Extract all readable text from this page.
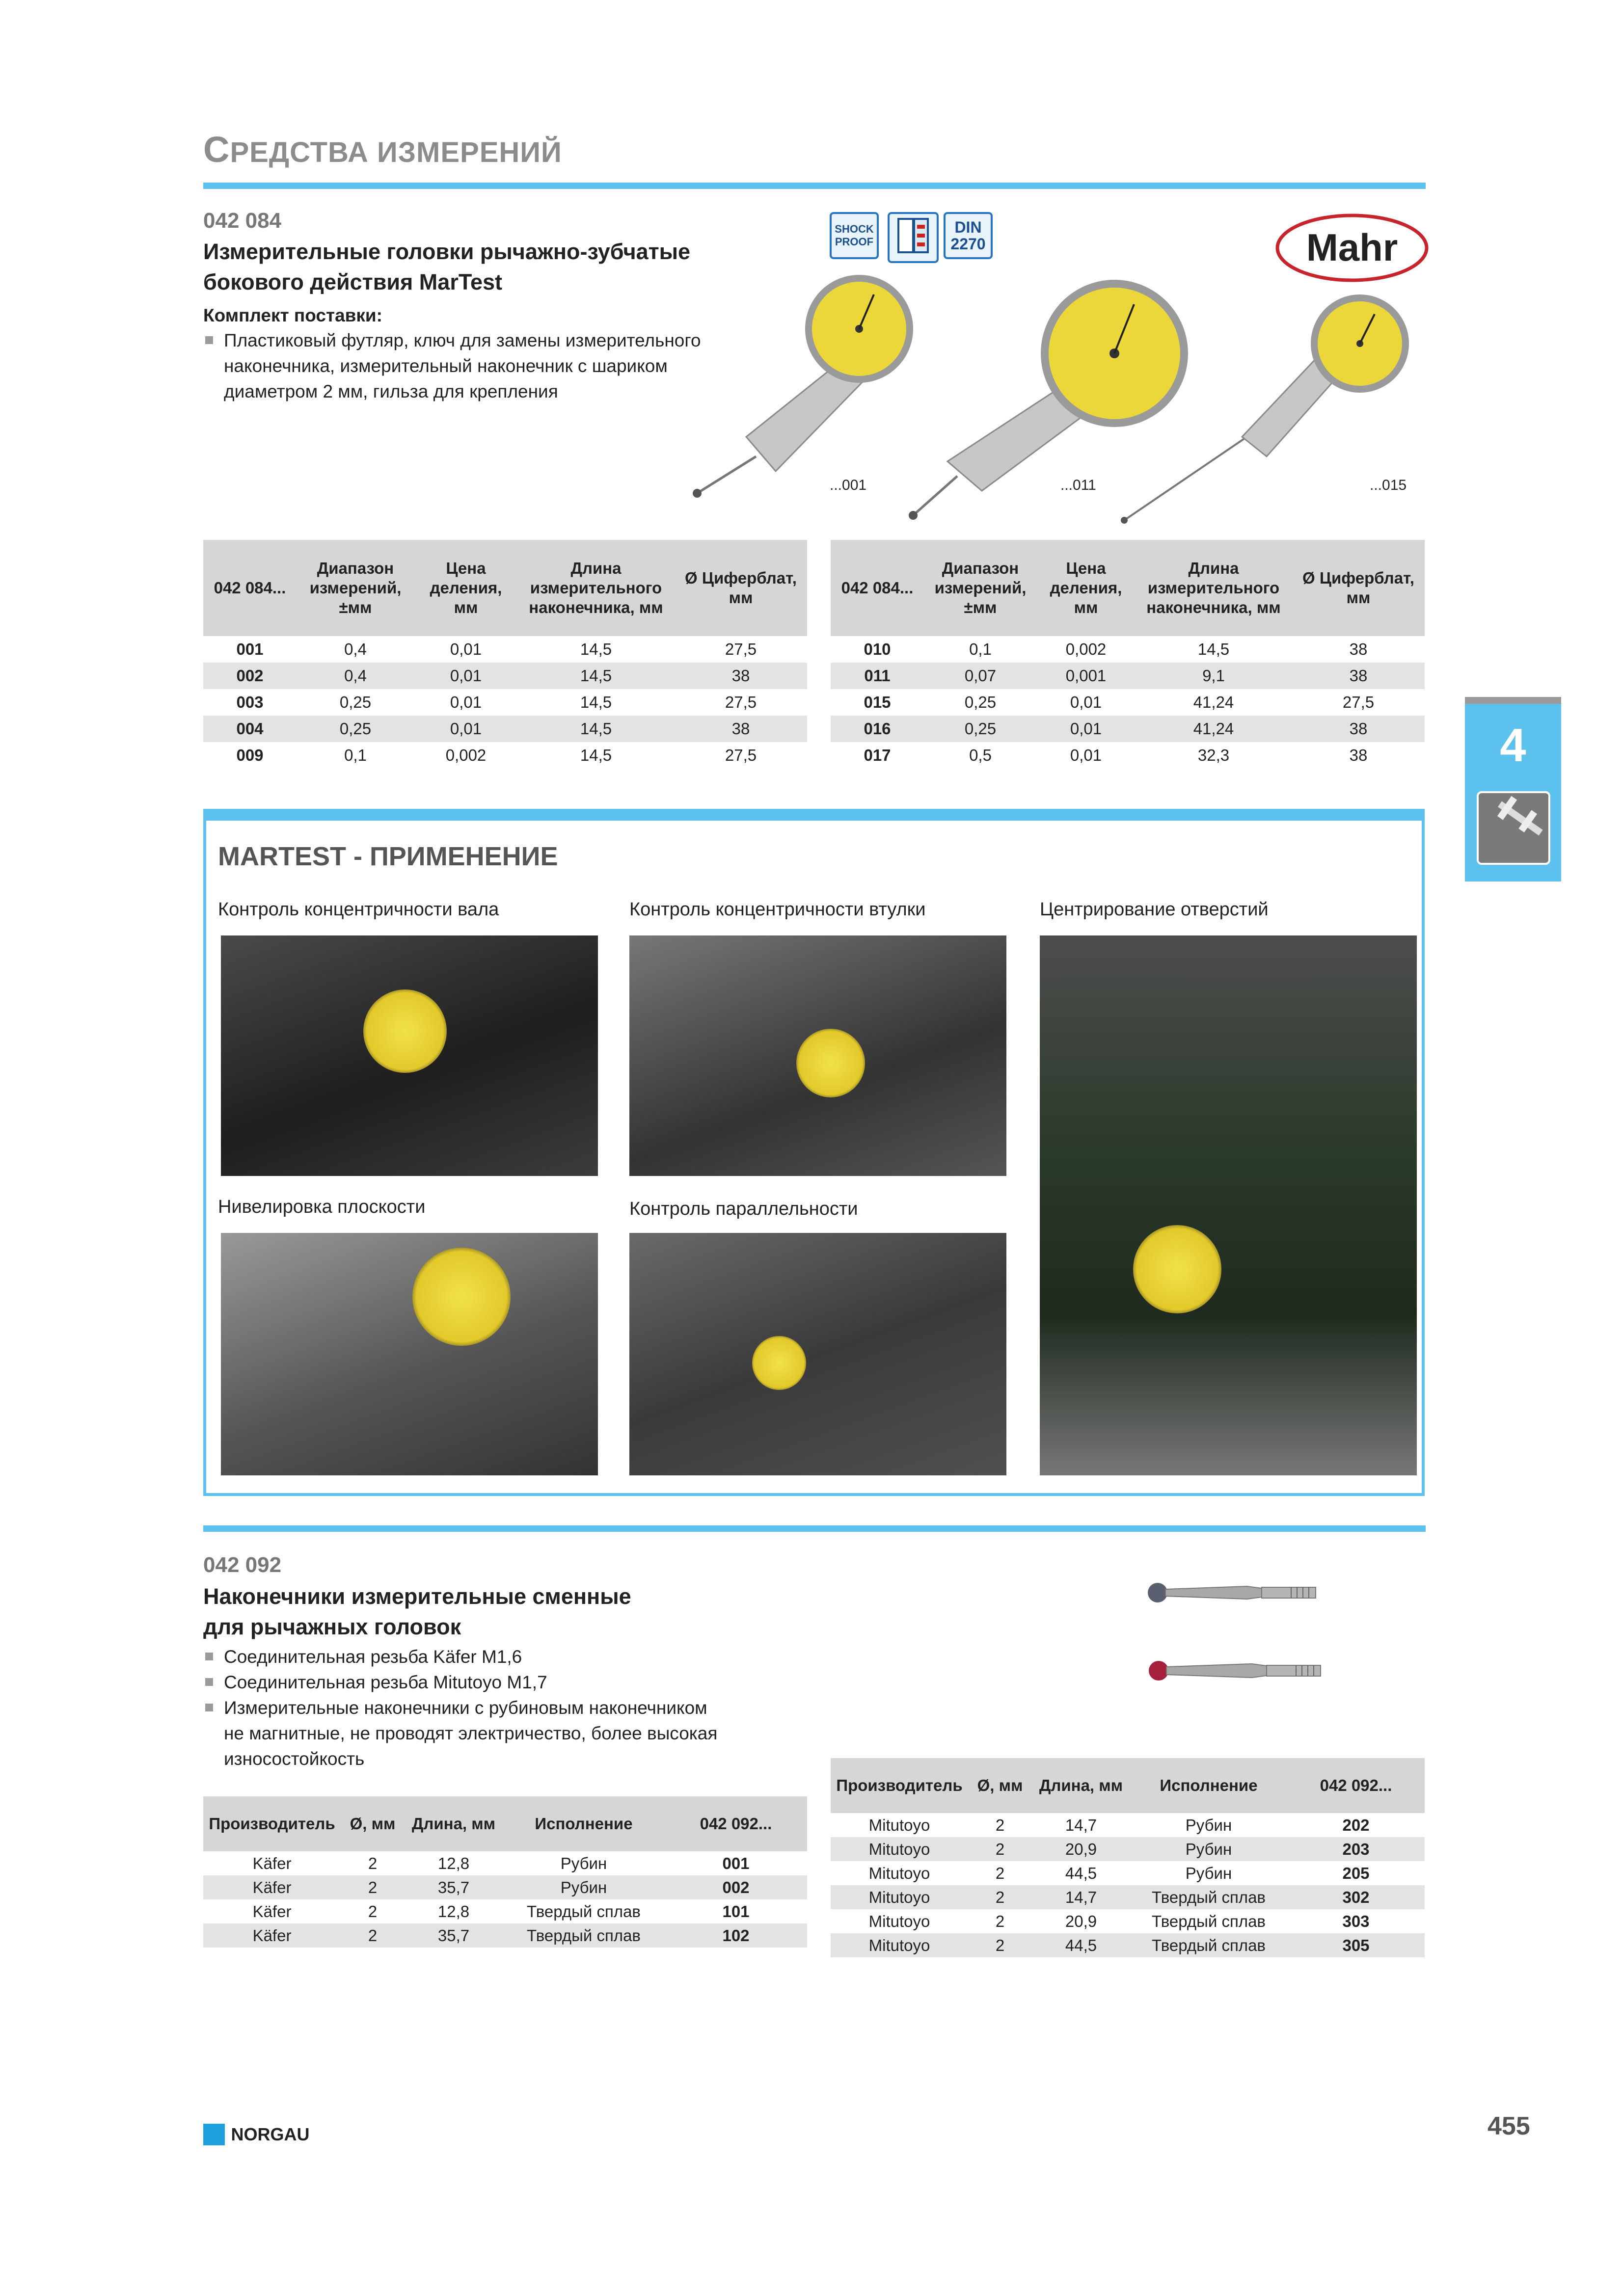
СРЕДСТВА ИЗМЕРЕНИЙ
042 084
Измерительные головки рычажно-зубчатые
бокового действия MarTest
Комплект поставки:
Пластиковый футляр, ключ для замены измерительного
наконечника, измерительный наконечник с шариком
диаметром 2 мм, гильза для крепления
SHOCK
PROOF
DIN
2270	Mahr
...001	...011	...015
042 084...	Диапазон измерений, ±мм	Цена деления, мм	Длина измерительного наконечника, мм	Ø Циферблат, мм
001	0,4	0,01	14,5	27,5
002	0,4	0,01	14,5	38
003	0,25	0,01	14,5	27,5
004	0,25	0,01	14,5	38
009	0,1	0,002	14,5	27,5
042 084...	Диапазон измерений, ±мм	Цена деления, мм	Длина измерительного наконечника, мм	Ø Циферблат, мм
010	0,1	0,002	14,5	38
011	0,07	0,001	9,1	38
015	0,25	0,01	41,24	27,5
016	0,25	0,01	41,24	38
017	0,5	0,01	32,3	38	4
MARTEST - ПРИМЕНЕНИЕ
Контроль концентричности вала	Контроль концентричности втулки	Центрирование отверстий
Нивелировка плоскости	Контроль параллельности
042 092
Наконечники измерительные сменные
для рычажных головок
Соединительная резьба Käfer M1,6
Соединительная резьба Mitutoyo M1,7
Измерительные наконечники с рубиновым наконечником
не магнитные, не проводят электричество, более высокая
износостойкость
Производитель	Ø, мм	Длина, мм	Исполнение	042 092...
Käfer	2	12,8	Рубин	001
Käfer	2	35,7	Рубин	002
Käfer	2	12,8	Твердый сплав	101
Käfer	2	35,7	Твердый сплав	102
Производитель	Ø, мм	Длина, мм	Исполнение	042 092...
Mitutoyo	2	14,7	Рубин	202
Mitutoyo	2	20,9	Рубин	203
Mitutoyo	2	44,5	Рубин	205
Mitutoyo	2	14,7	Твердый сплав	302
Mitutoyo	2	20,9	Твердый сплав	303
Mitutoyo	2	44,5	Твердый сплав	305
NORGAU	455
